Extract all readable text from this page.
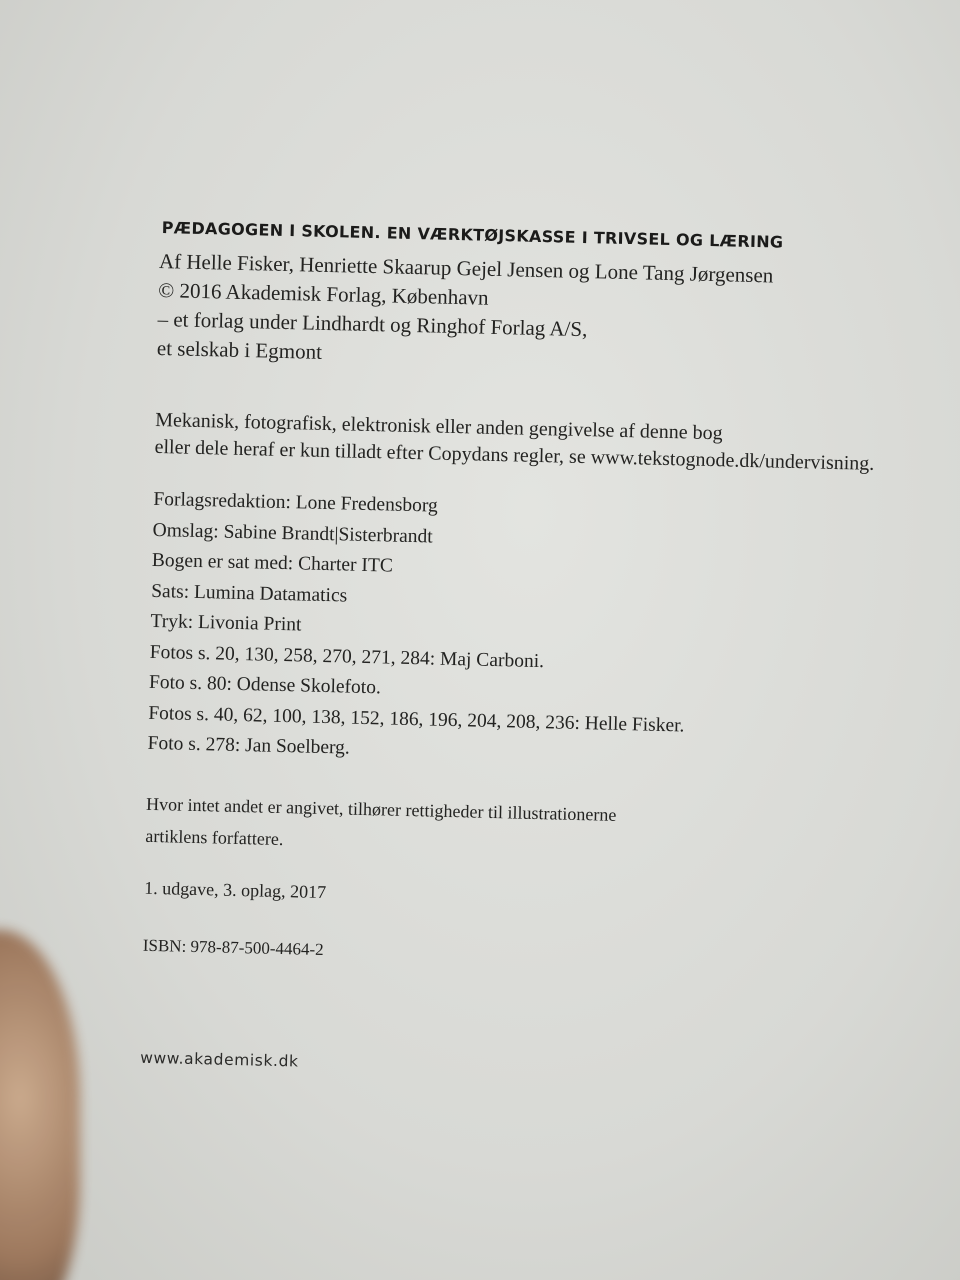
PÆDAGOGEN I SKOLEN. EN VÆRKTØJSKASSE I TRIVSEL OG LÆRING

Af Helle Fisker, Henriette Skaarup Gejel Jensen og Lone Tang Jørgensen

© 2016 Akademisk Forlag, København

– et forlag under Lindhardt og Ringhof Forlag A/S,

et selskab i Egmont

Mekanisk, fotografisk, elektronisk eller anden gengivelse af denne bog

eller dele heraf er kun tilladt efter Copydans regler, se www.tekstognode.dk/undervisning.

Forlagsredaktion: Lone Fredensborg

Omslag: Sabine Brandt|Sisterbrandt

Bogen er sat med: Charter ITC

Sats: Lumina Datamatics

Tryk: Livonia Print

Fotos s. 20, 130, 258, 270, 271, 284: Maj Carboni.

Foto s. 80: Odense Skolefoto.

Fotos s. 40, 62, 100, 138, 152, 186, 196, 204, 208, 236: Helle Fisker.

Foto s. 278: Jan Soelberg.

Hvor intet andet er angivet, tilhører rettigheder til illustrationerne

artiklens forfattere.

1. udgave, 3. oplag, 2017

ISBN: 978-87-500-4464-2

www.akademisk.dk
